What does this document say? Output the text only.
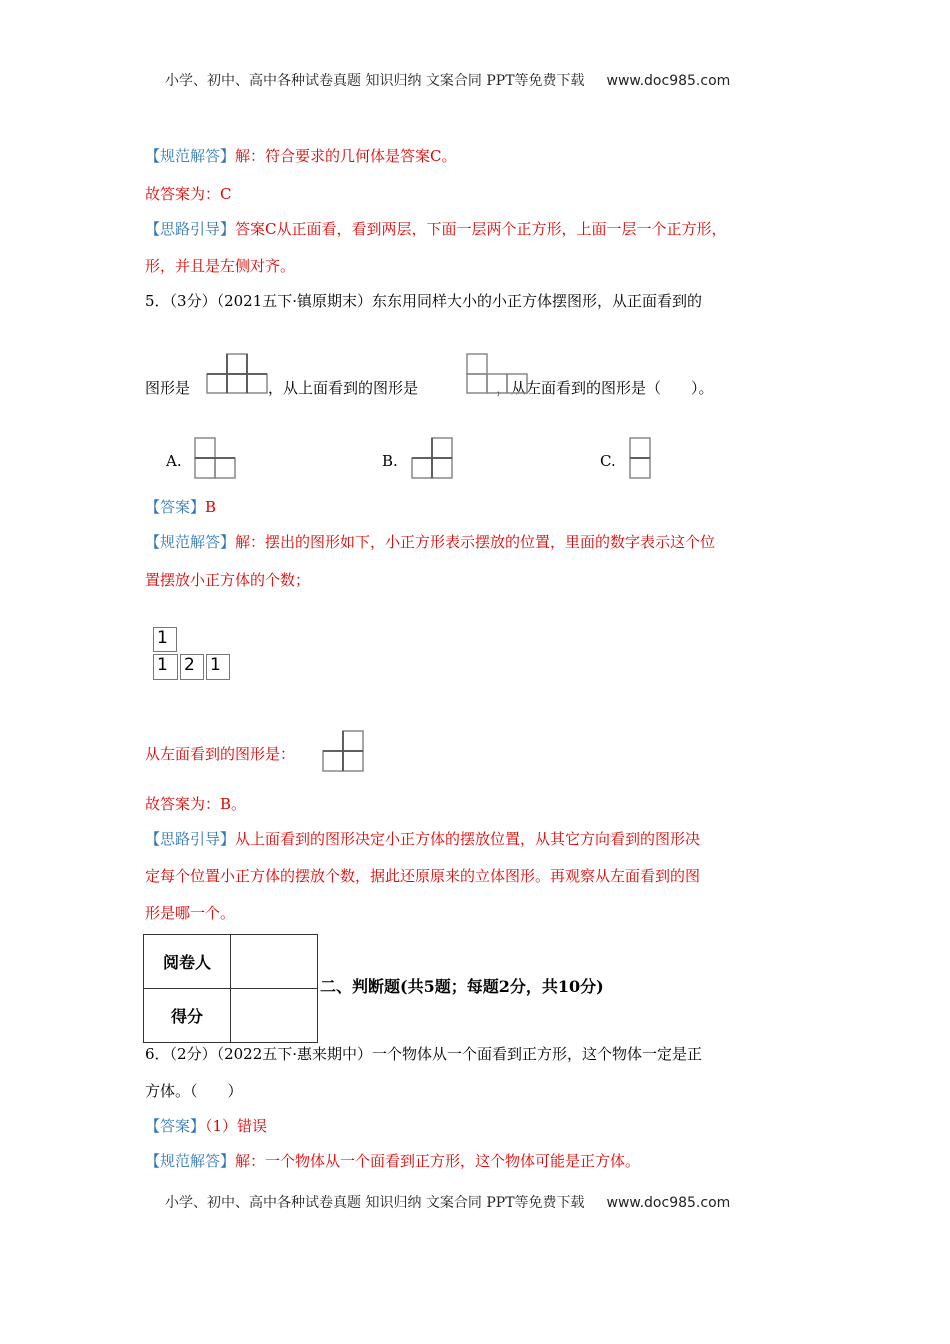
小学、初中、高中各种试卷真题 知识归纳 文案合同 PPT等免费下载 www.doc985.com
【规范解答】解：符合要求的几何体是答案C。
故答案为：C
【思路引导】答案C从正面看，看到两层，下面一层两个正方形，上面一层一个正方形，
形，并且是左侧对齐。
5．（3分）（2021五下·镇原期末）东东用同样大小的小正方体摆图形，从正面看到的
图形是	，从上面看到的图形是	，从左面看到的图形是（　　）。
A.	B.	C.
【答案】B
【规范解答】解：摆出的图形如下，小正方形表示摆放的位置，里面的数字表示这个位
置摆放小正方体的个数；
1
1 2 1
从左面看到的图形是：
故答案为：B。
【思路引导】从上面看到的图形决定小正方体的摆放位置，从其它方向看到的图形决
定每个位置小正方体的摆放个数，据此还原原来的立体图形。再观察从左面看到的图
形是哪一个。
阅卷人	
得分	
二、判断题(共5题；每题2分，共10分)
6．（2分）（2022五下·惠来期中）一个物体从一个面看到正方形，这个物体一定是正
方体。（　　）
【答案】（1）错误
【规范解答】解：一个物体从一个面看到正方形，这个物体可能是正方体。
小学、初中、高中各种试卷真题 知识归纳 文案合同 PPT等免费下载 www.doc985.com
